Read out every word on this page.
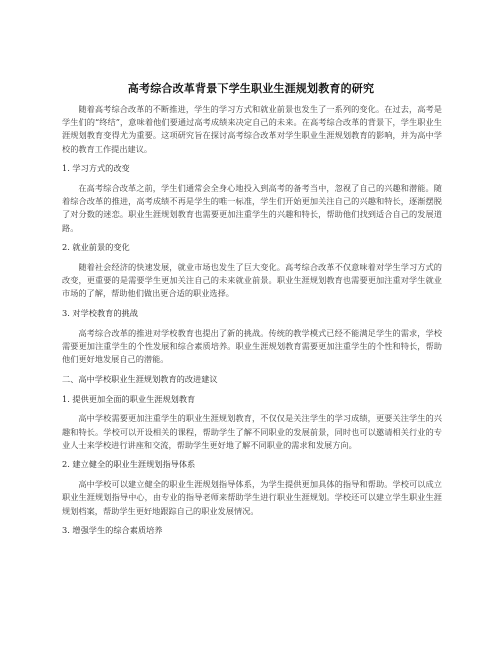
高考综合改革背景下学生职业生涯规划教育的研究

随着高考综合改革的不断推进，学生的学习方式和就业前景也发生了一系列的变化。在过去，高考是学生们的“终结”，意味着他们要通过高考成绩来决定自己的未来。在高考综合改革的背景下，学生职业生涯规划教育变得尤为重要。这项研究旨在探讨高考综合改革对学生职业生涯规划教育的影响，并为高中学校的教育工作提出建议。

1. 学习方式的改变

在高考综合改革之前，学生们通常会全身心地投入到高考的备考当中，忽视了自己的兴趣和潜能。随着综合改革的推进，高考成绩不再是学生的唯一标准，学生们开始更加关注自己的兴趣和特长，逐渐摆脱了对分数的迷恋。职业生涯规划教育也需要更加注重学生的兴趣和特长，帮助他们找到适合自己的发展道路。

2. 就业前景的变化

随着社会经济的快速发展，就业市场也发生了巨大变化。高考综合改革不仅意味着对学生学习方式的改变，更重要的是需要学生更加关注自己的未来就业前景。职业生涯规划教育也需要更加注重对学生就业市场的了解，帮助他们做出更合适的职业选择。

3. 对学校教育的挑战

高考综合改革的推进对学校教育也提出了新的挑战。传统的教学模式已经不能满足学生的需求，学校需要更加注重学生的个性发展和综合素质培养。职业生涯规划教育需要更加注重学生的个性和特长，帮助他们更好地发展自己的潜能。

二、高中学校职业生涯规划教育的改进建议

1. 提供更加全面的职业生涯规划教育

高中学校需要更加注重学生的职业生涯规划教育，不仅仅是关注学生的学习成绩，更要关注学生的兴趣和特长。学校可以开设相关的课程，帮助学生了解不同职业的发展前景，同时也可以邀请相关行业的专业人士来学校进行讲座和交流，帮助学生更好地了解不同职业的需求和发展方向。

2. 建立健全的职业生涯规划指导体系

高中学校可以建立健全的职业生涯规划指导体系，为学生提供更加具体的指导和帮助。学校可以成立职业生涯规划指导中心，由专业的指导老师来帮助学生进行职业生涯规划。学校还可以建立学生职业生涯规划档案，帮助学生更好地跟踪自己的职业发展情况。

3. 增强学生的综合素质培养
